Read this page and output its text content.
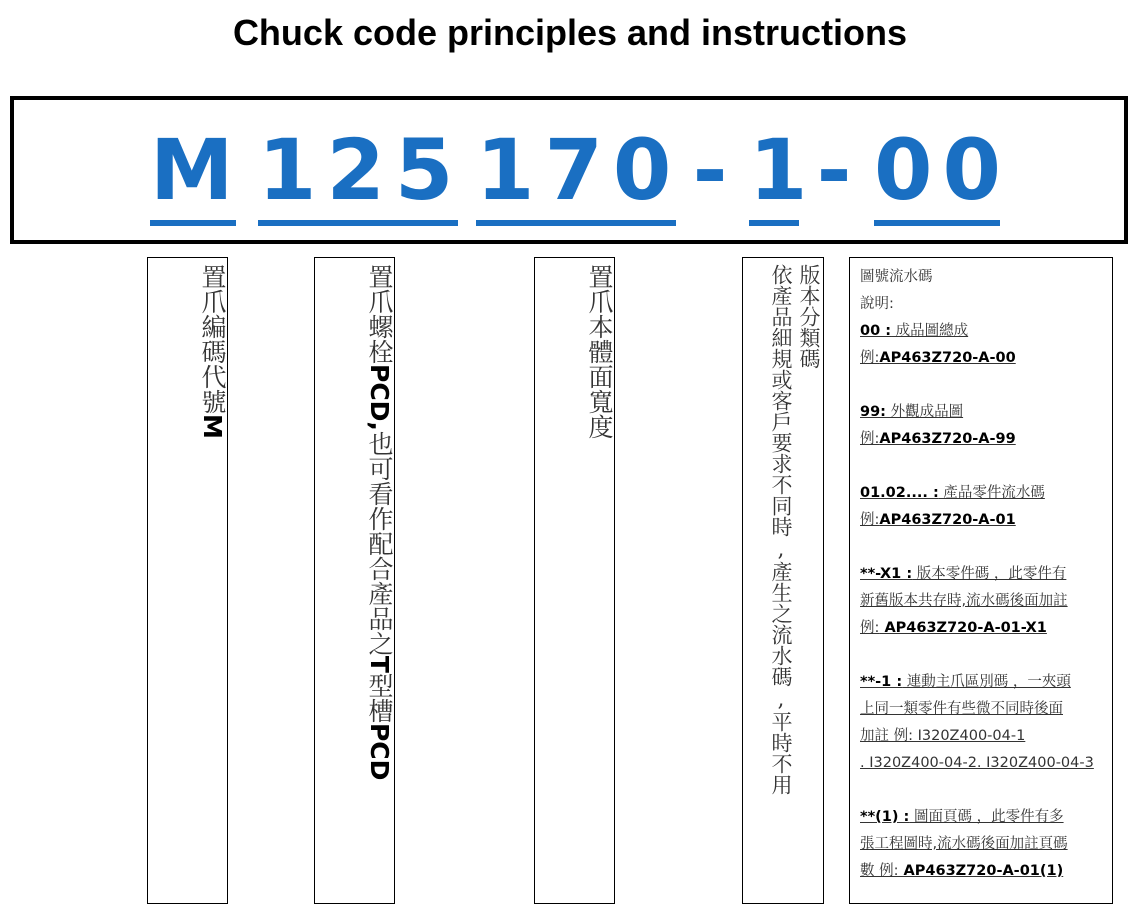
Chuck code principles and instructions
M 125 170 - 1 - 00
置爪編碼代號M
置爪螺栓PCD,也可看作配合產品之T型槽PCD
置爪本體面寬度	版本分類碼
依產品細規或客戶要求不同時,產生之流水碼,平時不用	圖號流水碼
說明:
00 : 成品圖總成
例:AP463Z720-A-00
99: 外觀成品圖
例:AP463Z720-A-99
01.02.... : 產品零件流水碼
例:AP463Z720-A-01
**-X1 : 版本零件碼 ，此零件有
新舊版本共存時,流水碼後面加註
例: AP463Z720-A-01-X1
**-1 : 連動主爪區別碼 ，一夾頭
上同一類零件有些微不同時後面
加註 例: I320Z400-04-1
. I320Z400-04-2. I320Z400-04-3
**(1) : 圖面頁碼 ，此零件有多
張工程圖時,流水碼後面加註頁碼
數 例: AP463Z720-A-01(1)
